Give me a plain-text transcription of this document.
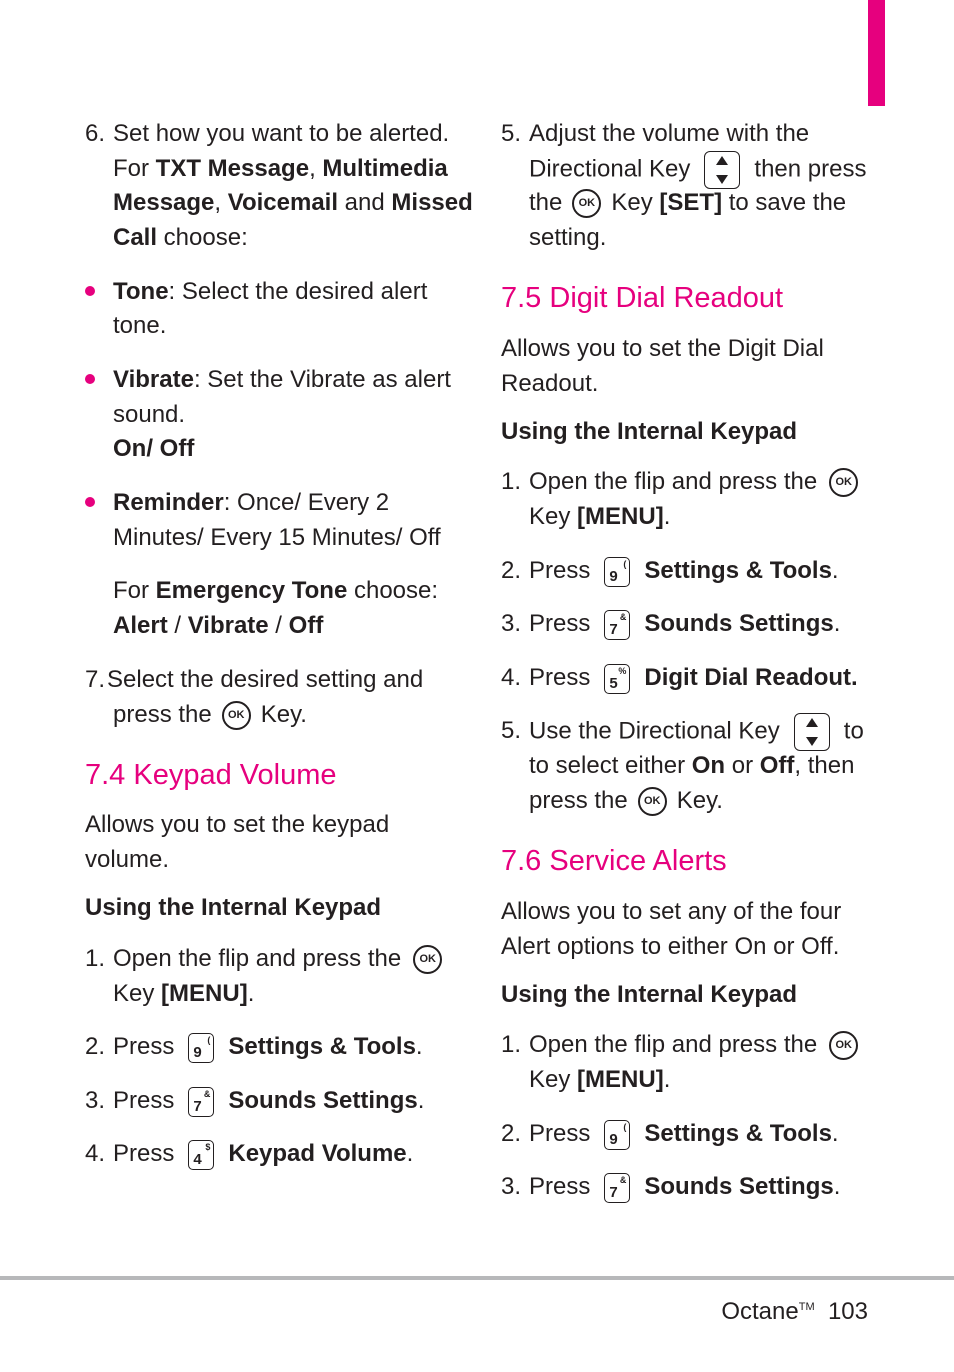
6. Set how you want to be alerted.
For TXT Message, Multimedia
Message, Voicemail and Missed
Call choose:
Tone: Select the desired alert
tone.
Vibrate: Set the Vibrate as alert
sound.
On/ Off
Reminder: Once/ Every 2
Minutes/ Every 15 Minutes/ Off
For Emergency Tone choose:
Alert / Vibrate / Off
7.Select the desired setting and
press the OK Key.
7.4 Keypad Volume
Allows you to set the keypad
volume.
Using the Internal Keypad
1. Open the flip and press the OK
Key [MENU].
2. Press 9
( Settings & Tools.
3. Press 7
& Sounds Settings.
4. Press 4
$ Keypad Volume.
5. Adjust the volume with the
Directional Key	then press
the OK Key [SET] to save the
setting.
7.5 Digit Dial Readout
Allows you to set the Digit Dial
Readout.
Using the Internal Keypad
1. Open the flip and press the OK
Key [MENU].
2. Press 9
( Settings & Tools.
3. Press 7
& Sounds Settings.
4. Press 5
% Digit Dial Readout.
5. Use the Directional Key	to
to select either On or Off, then
press the OK Key.
7.6 Service Alerts
Allows you to set any of the four
Alert options to either On or Off.
Using the Internal Keypad
1. Open the flip and press the OK
Key [MENU].
2. Press 9
( Settings & Tools.
3. Press 7
& Sounds Settings.
Octane™ 103
